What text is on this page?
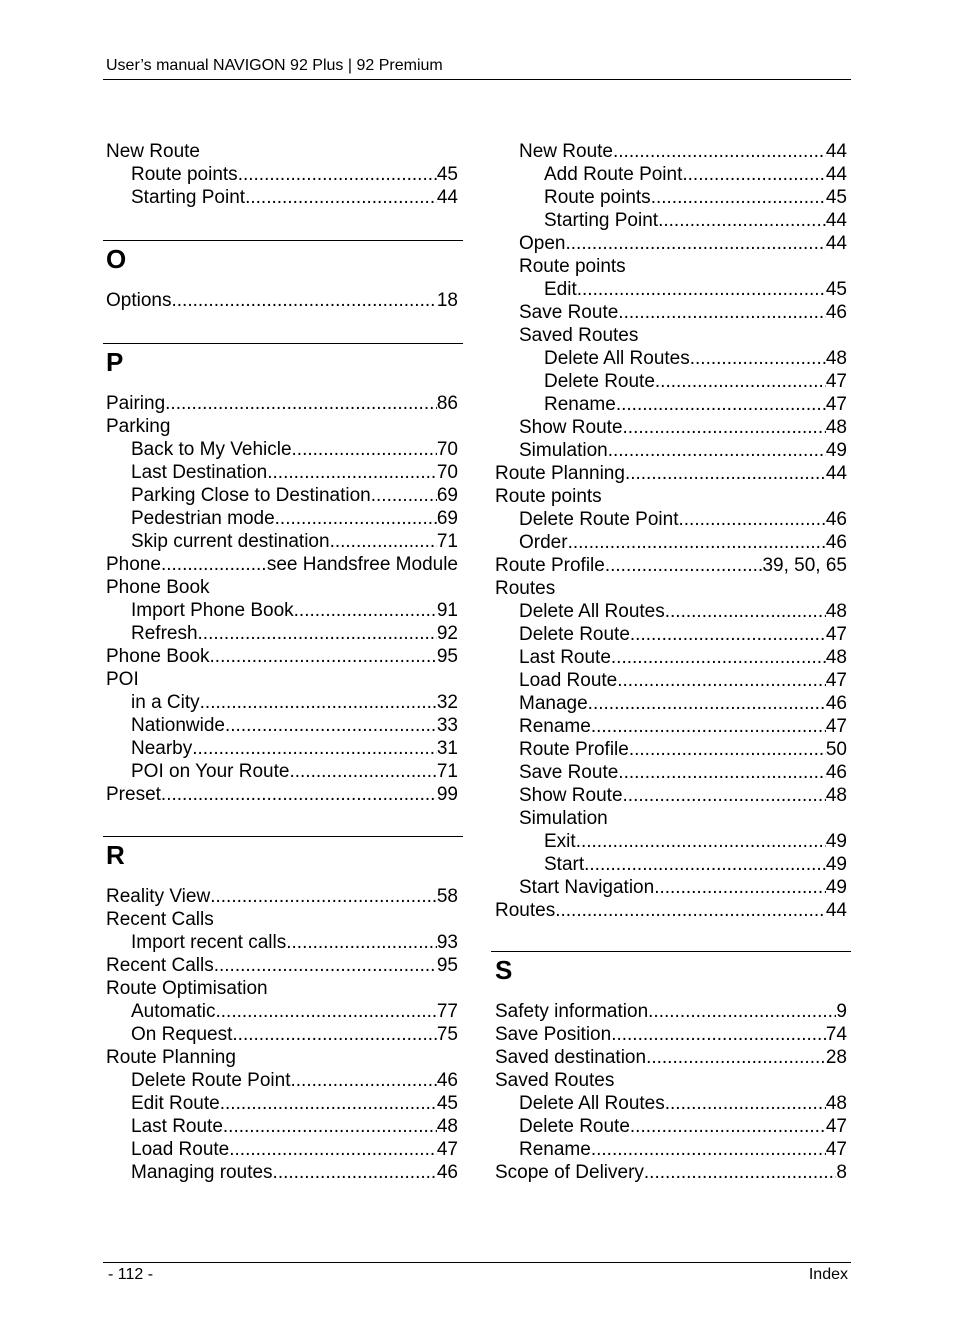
User’s manual NAVIGON 92 Plus | 92 Premium
New Route
Route points .....	45
Starting Point .....	44
O
Options .....	18
P
Pairing .....	86
Parking
Back to My Vehicle .....	70
Last Destination .....	70
Parking Close to Destination .....	69
Pedestrian mode .....	69
Skip current destination .....	71
Phone .....	see Handsfree Module
Phone Book
Import Phone Book .....	91
Refresh .....	92
Phone Book .....	95
POI
in a City .....	32
Nationwide .....	33
Nearby .....	31
POI on Your Route .....	71
Preset .....	99
R
Reality View .....	58
Recent Calls
Import recent calls .....	93
Recent Calls .....	95
Route Optimisation
Automatic .....	77
On Request .....	75
Route Planning
Delete Route Point .....	46
Edit Route .....	45
Last Route .....	48
Load Route .....	47
Managing routes .....	46
New Route .....	44
Add Route Point .....	44
Route points .....	45
Starting Point .....	44
Open .....	44
Route points
Edit .....	45
Save Route .....	46
Saved Routes
Delete All Routes .....	48
Delete Route .....	47
Rename. .....	47
Show Route .....	48
Simulation .....	49
Route Planning .....	44
Route points
Delete Route Point .....	46
Order .....	46
Route Profile .....	39, 50, 65
Routes
Delete All Routes .....	48
Delete Route .....	47
Last Route .....	48
Load Route .....	47
Manage .....	46
Rename .....	47
Route Profile .....	50
Save Route .....	46
Show Route .....	48
Simulation
Exit .....	49
Start .....	49
Start Navigation .....	49
Routes .....	44
S
Safety information .....	9
Save Position .....	74
Saved destination .....	28
Saved Routes
Delete All Routes .....	48
Delete Route .....	47
Rename .....	47
Scope of Delivery .....	8
- 112 -	Index
